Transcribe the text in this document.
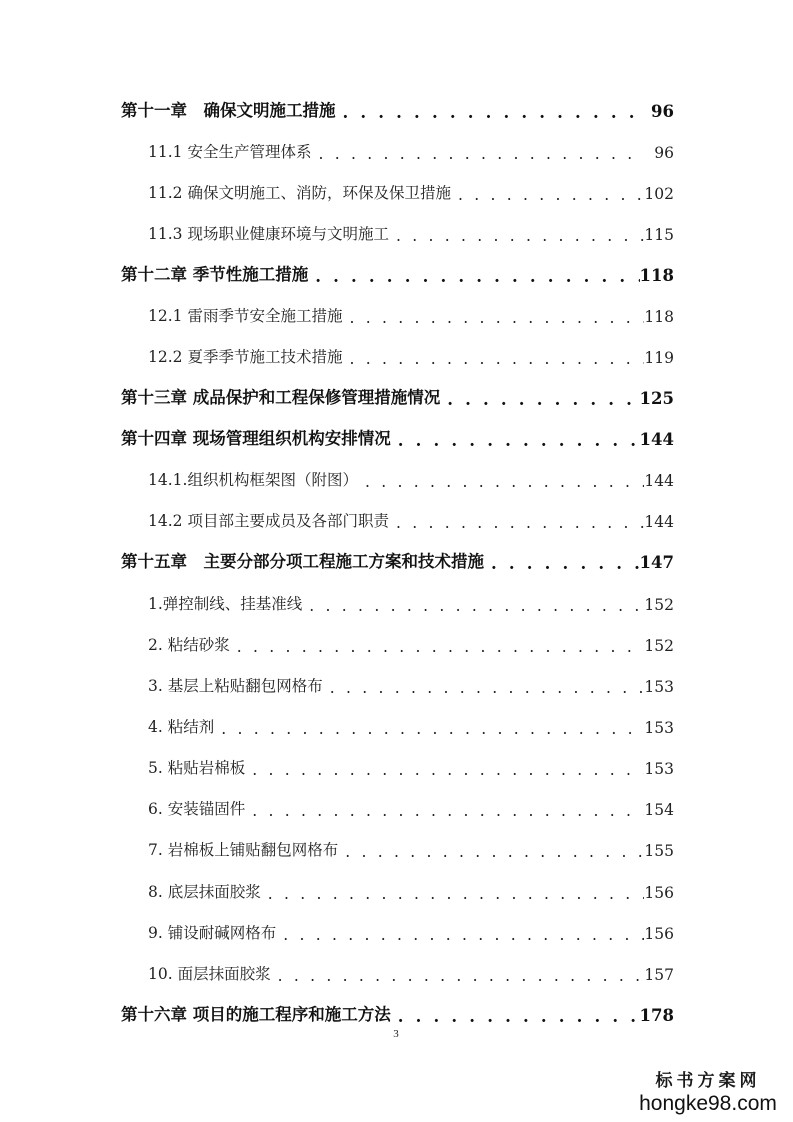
第十一章　确保文明施工措施 . . .	96
11.1 安全生产管理体系 . . .	96
11.2 确保文明施工、消防，环保及保卫措施 . . .	102
11.3 现场职业健康环境与文明施工 . . .	115
第十二章 季节性施工措施 . . .	118
12.1 雷雨季节安全施工措施 . . .	118
12.2 夏季季节施工技术措施 . . .	119
第十三章 成品保护和工程保修管理措施情况 . . .	125
第十四章 现场管理组织机构安排情况 . . .	144
14.1.组织机构框架图（附图） . . .	144
14.2 项目部主要成员及各部门职责 . . .	144
第十五章　主要分部分项工程施工方案和技术措施 . . .	147
1.弹控制线、挂基准线 . . .	152
2. 粘结砂浆 . . .	152
3. 基层上粘贴翻包网格布 . . .	153
4. 粘结剂 . . .	153
5. 粘贴岩棉板 . . .	153
6. 安装锚固件 . . .	154
7. 岩棉板上铺贴翻包网格布 . . .	155
8. 底层抹面胶浆 . . .	156
9. 铺设耐碱网格布 . . .	156
10. 面层抹面胶浆 . . .	157
第十六章 项目的施工程序和施工方法 . . .	178
3
标书方案网
hongke98.com
